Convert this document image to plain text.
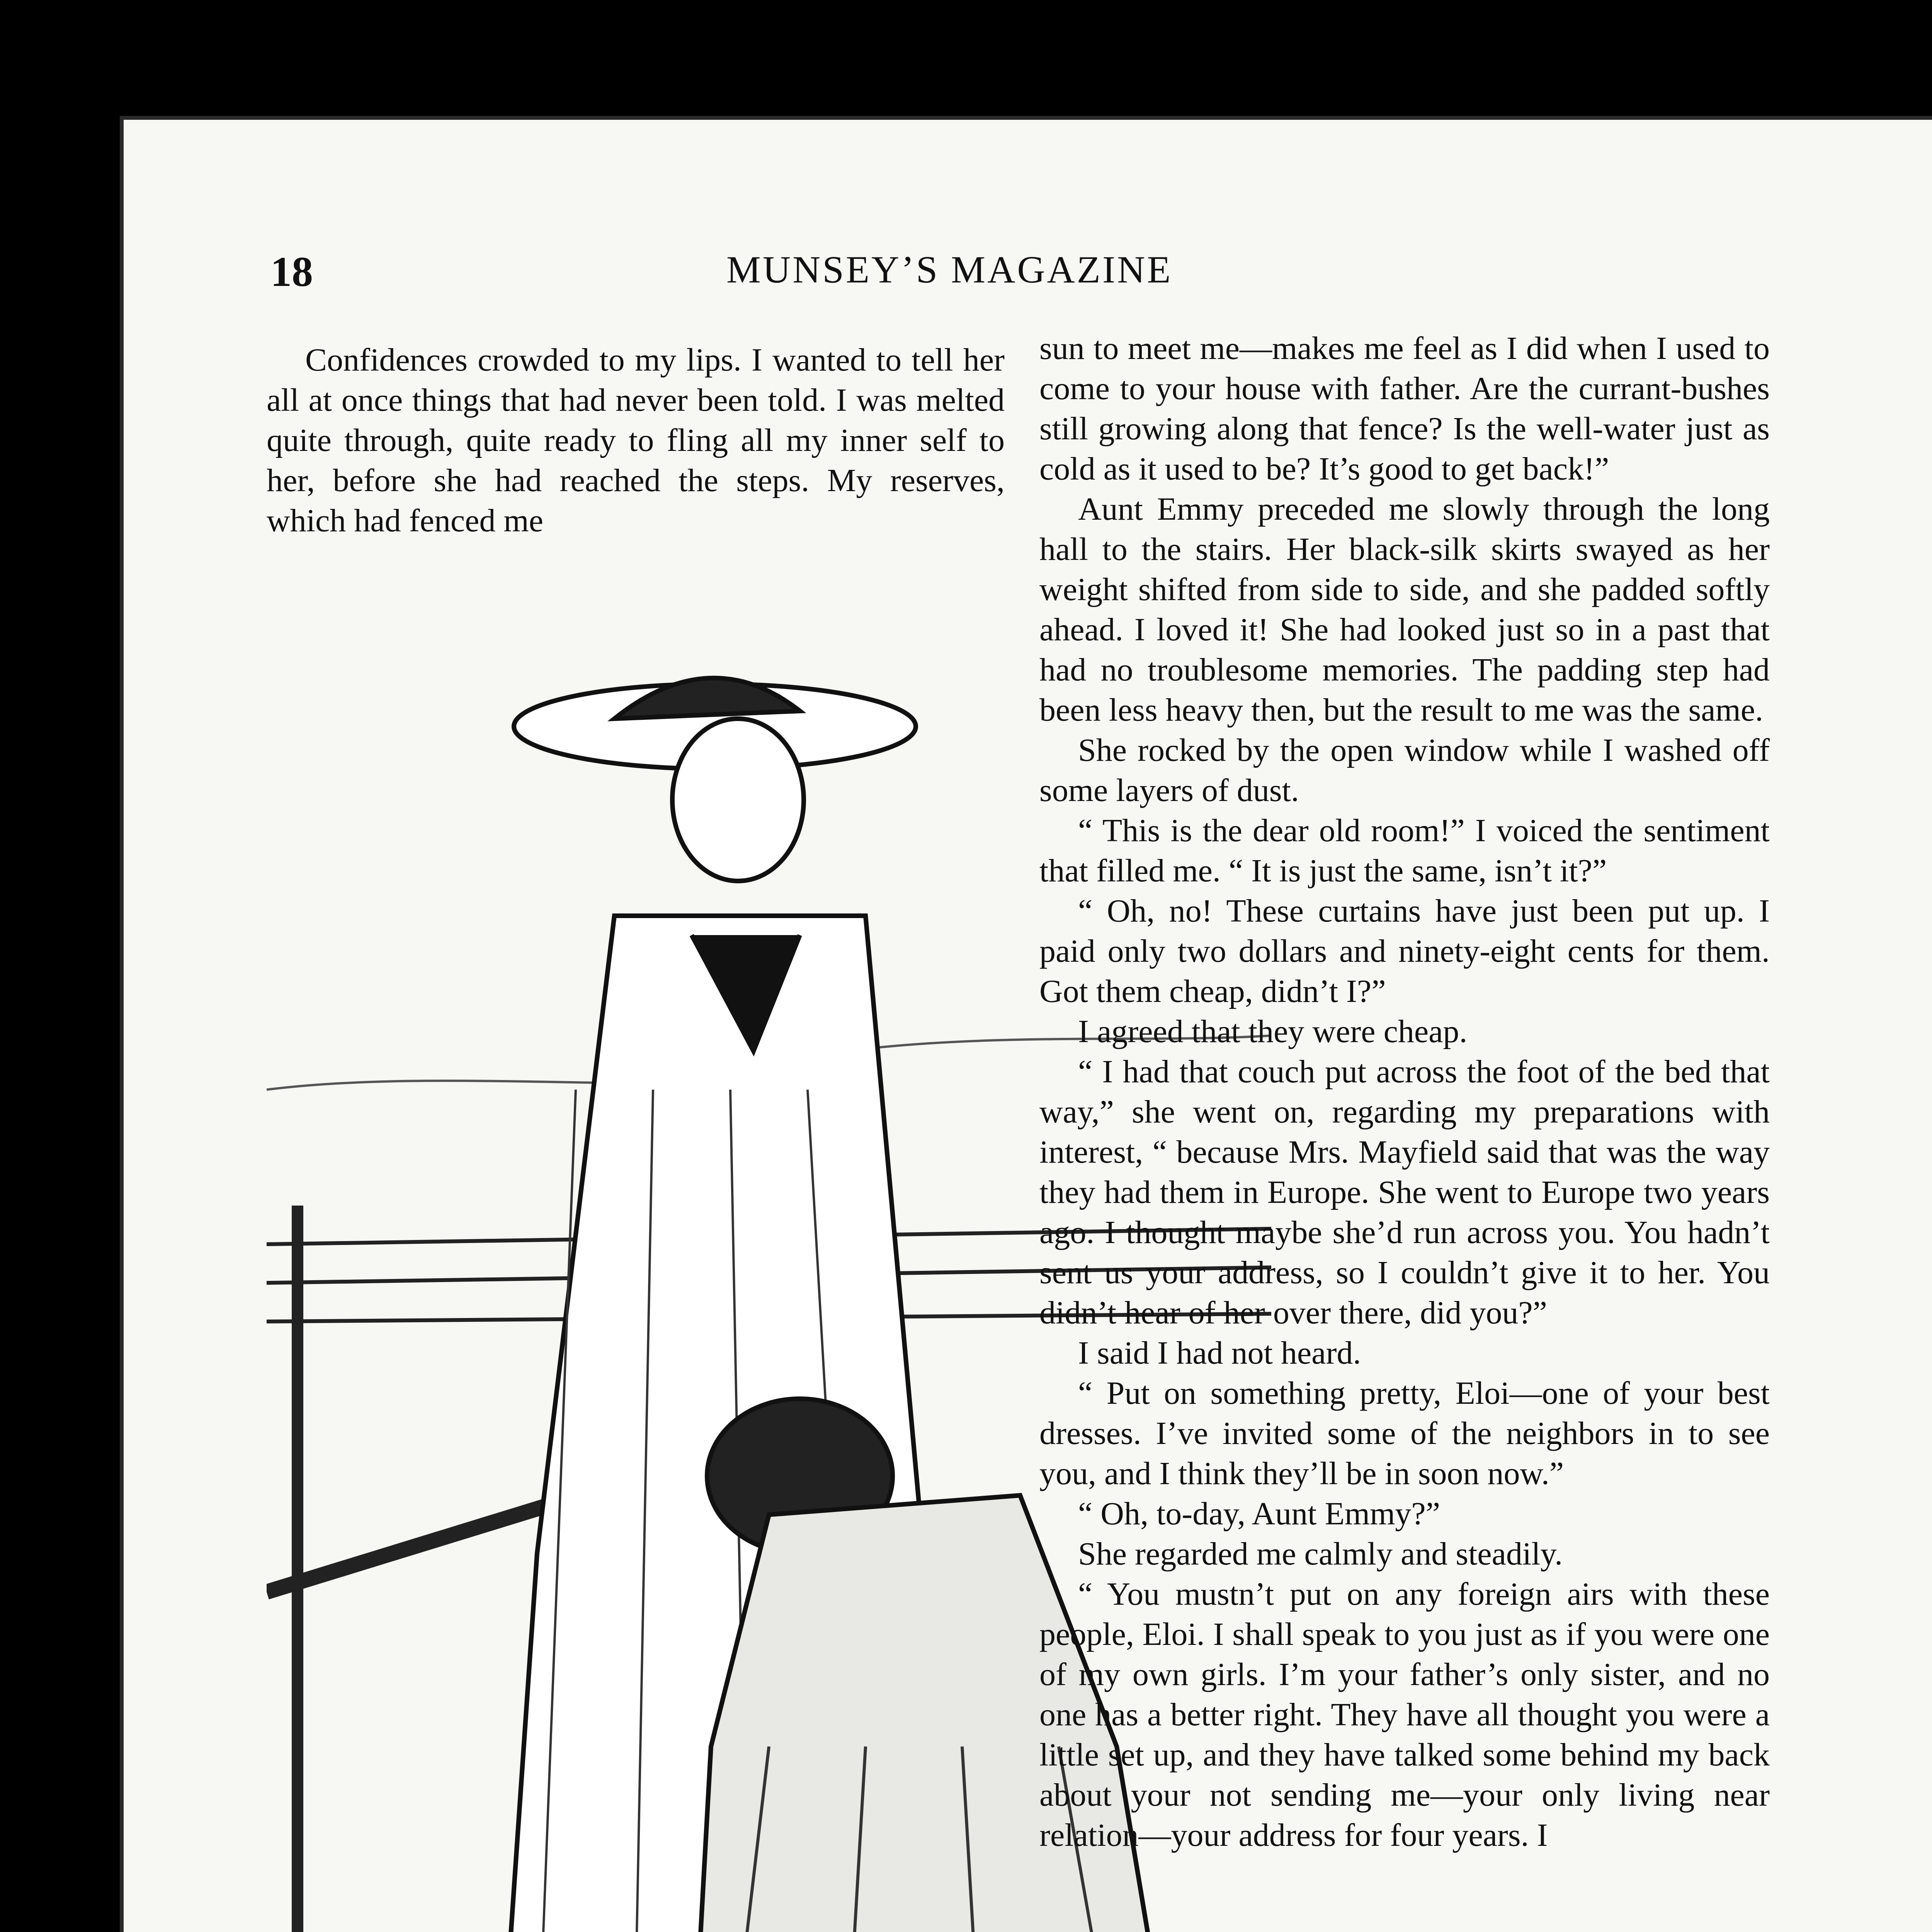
18	MUNSEY’S MAGAZINE

Confidences crowded to my lips. I wanted to tell her all at once things that had never been told. I was melted quite through, quite ready to fling all my inner self to her, before she had reached the steps. My reserves, which had fenced me

sun to meet me—makes me feel as I did when I used to come to your house with father. Are the currant-bushes still growing along that fence? Is the well-water just as cold as it used to be? It’s good to get back!”

Aunt Emmy preceded me slowly through the long hall to the stairs. Her black-silk skirts swayed as her weight shifted from side to side, and she padded softly ahead. I loved it! She had looked just so in a past that had no troublesome memories. The padding step had been less heavy then, but the result to me was the same.

She rocked by the open window while I washed off some layers of dust.

“ This is the dear old room!” I voiced the sentiment that filled me. “ It is just the same, isn’t it?”

“ Oh, no! These curtains have just been put up. I paid only two dollars and ninety-eight cents for them. Got them cheap, didn’t I?”

I agreed that they were cheap.

“ I had that couch put across the foot of the bed that way,” she went on, regarding my preparations with interest, “ because Mrs. Mayfield said that was the way they had them in Europe. She went to Europe two years ago. I thought maybe she’d run across you. You hadn’t sent us your address, so I couldn’t give it to her. You didn’t hear of her over there, did you?”

I said I had not heard.

“ Put on something pretty, Eloi—one of your best dresses. I’ve invited some of the neighbors in to see you, and I think they’ll be in soon now.”

“ Oh, to-day, Aunt Emmy?”

She regarded me calmly and steadily.

“ You mustn’t put on any foreign airs with these people, Eloi. I shall speak to you just as if you were one of my own girls. I’m your father’s only sister, and no one has a better right. They have all thought you were a little set up, and they have talked some behind my back about your not sending me—your only living near relation—your address for four years. I
